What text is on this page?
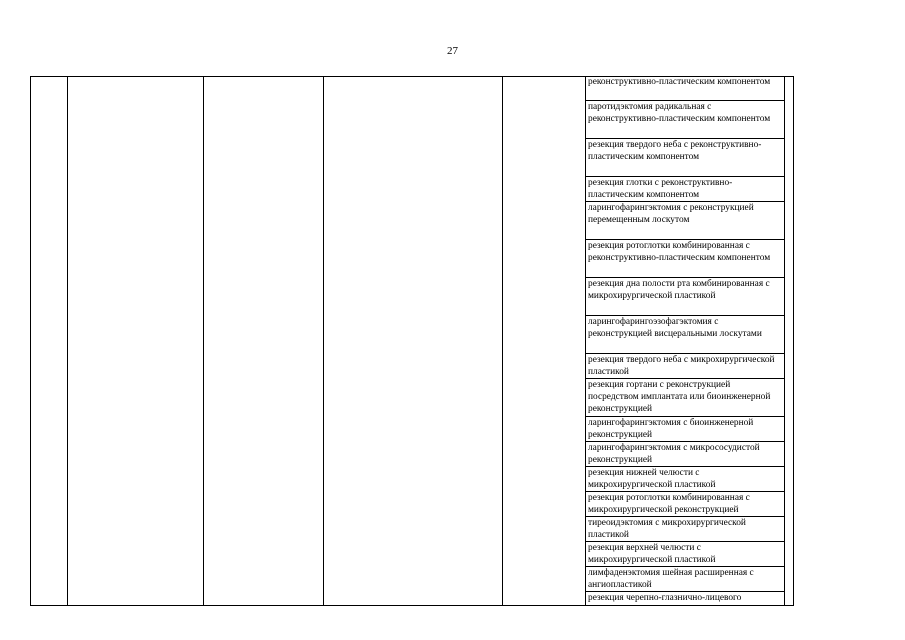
27
реконструктивно-пластическим компонентом
паротидэктомия радикальная с реконструктивно-пластическим компонентом
резекция твердого неба с реконструктивно-пластическим компонентом
резекция глотки с реконструктивно-пластическим компонентом
ларингофарингэктомия с реконструкцией перемещенным лоскутом
резекция ротоглотки комбинированная с реконструктивно-пластическим компонентом
резекция дна полости рта комбинированная с микрохирургической пластикой
ларингофарингоэзофагэктомия с реконструкцией висцеральными лоскутами
резекция твердого неба с микрохирургической пластикой
резекция гортани с реконструкцией посредством имплантата или биоинженерной реконструкцией
ларингофарингэктомия с биоинженерной реконструкцией
ларингофарингэктомия с микрососудистой реконструкцией
резекция нижней челюсти с микрохирургической пластикой
резекция ротоглотки комбинированная с микрохирургической реконструкцией
тиреоидэктомия с микрохирургической пластикой
резекция верхней челюсти с микрохирургической пластикой
лимфаденэктомия шейная расширенная с ангиопластикой
резекция черепно-глазнично-лицевого
